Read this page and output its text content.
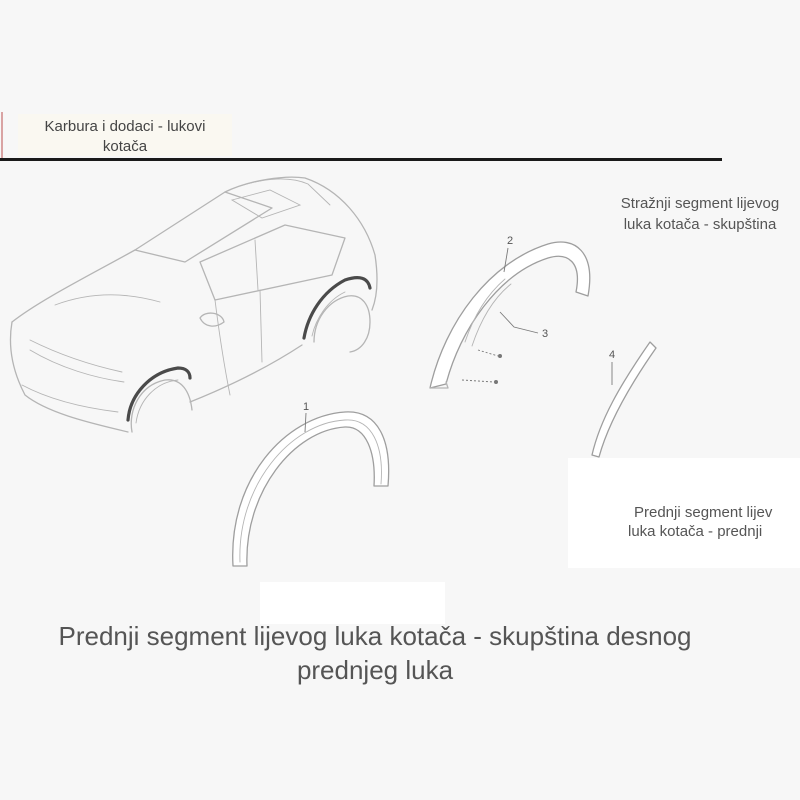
1
2
3
4
Karbura i dodaci - lukovi
kotača
Stražnji segment lijevog
luka kotača - skupština
Prednji segment lijev
luka kotača - prednji
Prednji segment lijevog luka kotača - skupština desnog
prednjeg luka
